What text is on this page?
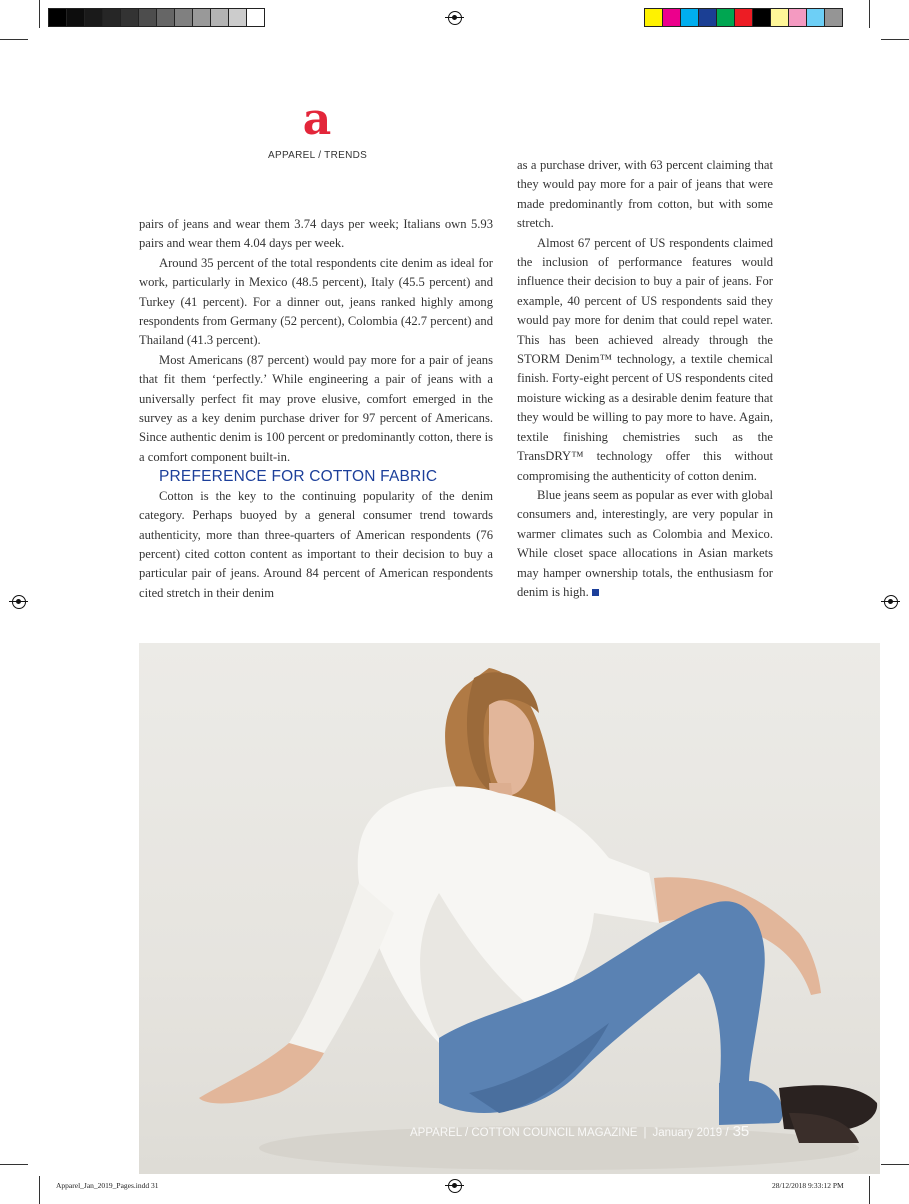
a
APPAREL / TRENDS

pairs of jeans and wear them 3.74 days per week; Italians own 5.93 pairs and wear them 4.04 days per week.

Around 35 percent of the total respondents cite denim as ideal for work, particularly in Mexico (48.5 percent), Italy (45.5 percent) and Turkey (41 percent). For a dinner out, jeans ranked highly among respondents from Germany (52 percent), Colombia (42.7 percent) and Thailand (41.3 percent).

Most Americans (87 percent) would pay more for a pair of jeans that fit them ‘perfectly.’ While engineering a pair of jeans with a universally perfect fit may prove elusive, comfort emerged in the survey as a key denim purchase driver for 97 percent of Americans. Since authentic denim is 100 percent or predominantly cotton, there is a comfort component built-in.

PREFERENCE FOR COTTON FABRIC

Cotton is the key to the continuing popularity of the denim category. Perhaps buoyed by a general consumer trend towards authenticity, more than three-quarters of American respondents (76 percent) cited cotton content as important to their decision to buy a particular pair of jeans. Around 84 percent of American respondents cited stretch in their denim

as a purchase driver, with 63 percent claiming that they would pay more for a pair of jeans that were made predominantly from cotton, but with some stretch.

Almost 67 percent of US respondents claimed the inclusion of performance features would influence their decision to buy a pair of jeans. For example, 40 percent of US respondents said they would pay more for denim that could repel water. This has been achieved already through the STORM Denim™ technology, a textile chemical finish. Forty-eight percent of US respondents cited moisture wicking as a desirable denim feature that they would be willing to pay more to have. Again, textile finishing chemistries such as the TransDRY™ technology offer this without compromising the authenticity of cotton denim.

Blue jeans seem as popular as ever with global consumers and, interestingly, are very popular in warmer climates such as Colombia and Mexico. While closet space allocations in Asian markets may hamper ownership totals, the enthusiasm for denim is high.

APPAREL / COTTON COUNCIL MAGAZINE | January 2019 / 35
Apparel_Jan_2019_Pages.indd 31	28/12/2018 9:33:12 PM
